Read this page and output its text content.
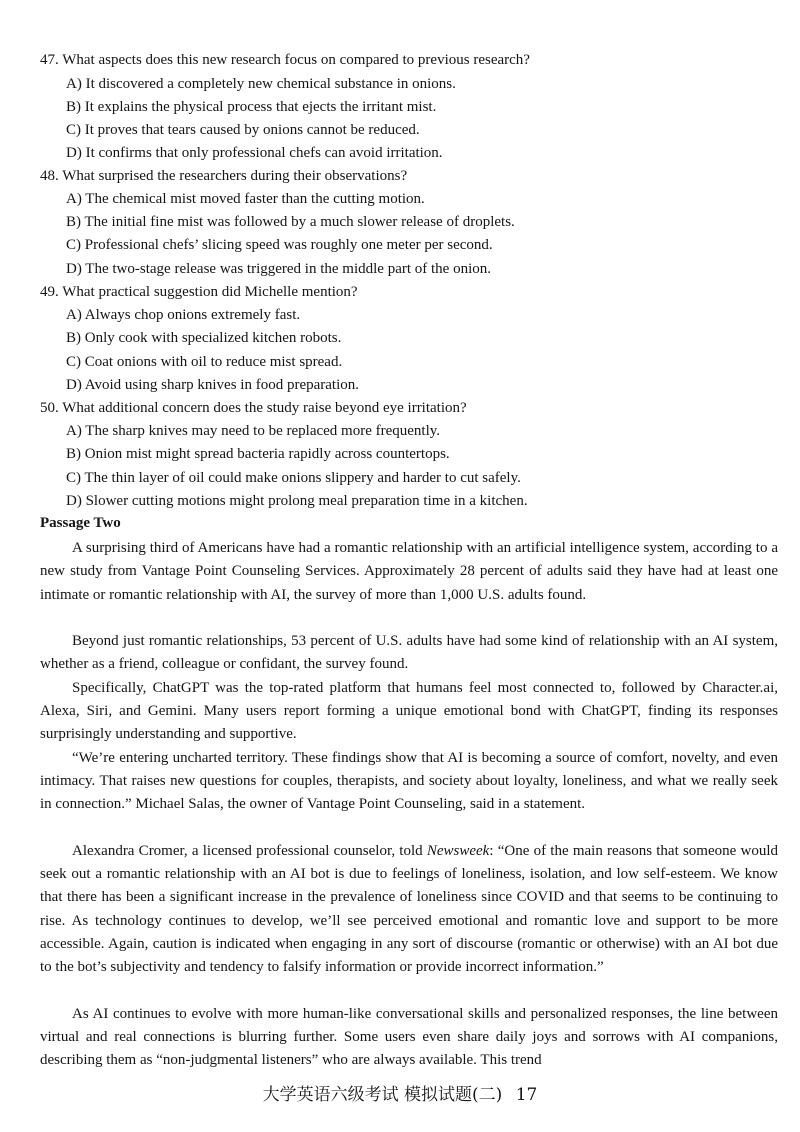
47. What aspects does this new research focus on compared to previous research?
A) It discovered a completely new chemical substance in onions.
B) It explains the physical process that ejects the irritant mist.
C) It proves that tears caused by onions cannot be reduced.
D) It confirms that only professional chefs can avoid irritation.
48. What surprised the researchers during their observations?
A) The chemical mist moved faster than the cutting motion.
B) The initial fine mist was followed by a much slower release of droplets.
C) Professional chefs’ slicing speed was roughly one meter per second.
D) The two-stage release was triggered in the middle part of the onion.
49. What practical suggestion did Michelle mention?
A) Always chop onions extremely fast.
B) Only cook with specialized kitchen robots.
C) Coat onions with oil to reduce mist spread.
D) Avoid using sharp knives in food preparation.
50. What additional concern does the study raise beyond eye irritation?
A) The sharp knives may need to be replaced more frequently.
B) Onion mist might spread bacteria rapidly across countertops.
C) The thin layer of oil could make onions slippery and harder to cut safely.
D) Slower cutting motions might prolong meal preparation time in a kitchen.
Passage Two

A surprising third of Americans have had a romantic relationship with an artificial intelligence system, according to a new study from Vantage Point Counseling Services. Approximately 28 percent of adults said they have had at least one intimate or romantic relationship with AI, the survey of more than 1,000 U.S. adults found.

Beyond just romantic relationships, 53 percent of U.S. adults have had some kind of relationship with an AI system, whether as a friend, colleague or confidant, the survey found.

Specifically, ChatGPT was the top-rated platform that humans feel most connected to, followed by Character.ai, Alexa, Siri, and Gemini. Many users report forming a unique emotional bond with ChatGPT, finding its responses surprisingly understanding and supportive.

“We’re entering uncharted territory. These findings show that AI is becoming a source of comfort, novelty, and even intimacy. That raises new questions for couples, therapists, and society about loyalty, loneliness, and what we really seek in connection.” Michael Salas, the owner of Vantage Point Counseling, said in a statement.

Alexandra Cromer, a licensed professional counselor, told Newsweek: “One of the main reasons that someone would seek out a romantic relationship with an AI bot is due to feelings of loneliness, isolation, and low self-esteem. We know that there has been a significant increase in the prevalence of loneliness since COVID and that seems to be continuing to rise. As technology continues to develop, we’ll see perceived emotional and romantic love and support to be more accessible. Again, caution is indicated when engaging in any sort of discourse (romantic or otherwise) with an AI bot due to the bot’s subjectivity and tendency to falsify information or provide incorrect information.”

As AI continues to evolve with more human-like conversational skills and personalized responses, the line between virtual and real connections is blurring further. Some users even share daily joys and sorrows with AI companions, describing them as “non-judgmental listeners” who are always available. This trend

大学英语六级考试 模拟试题(二) 17
